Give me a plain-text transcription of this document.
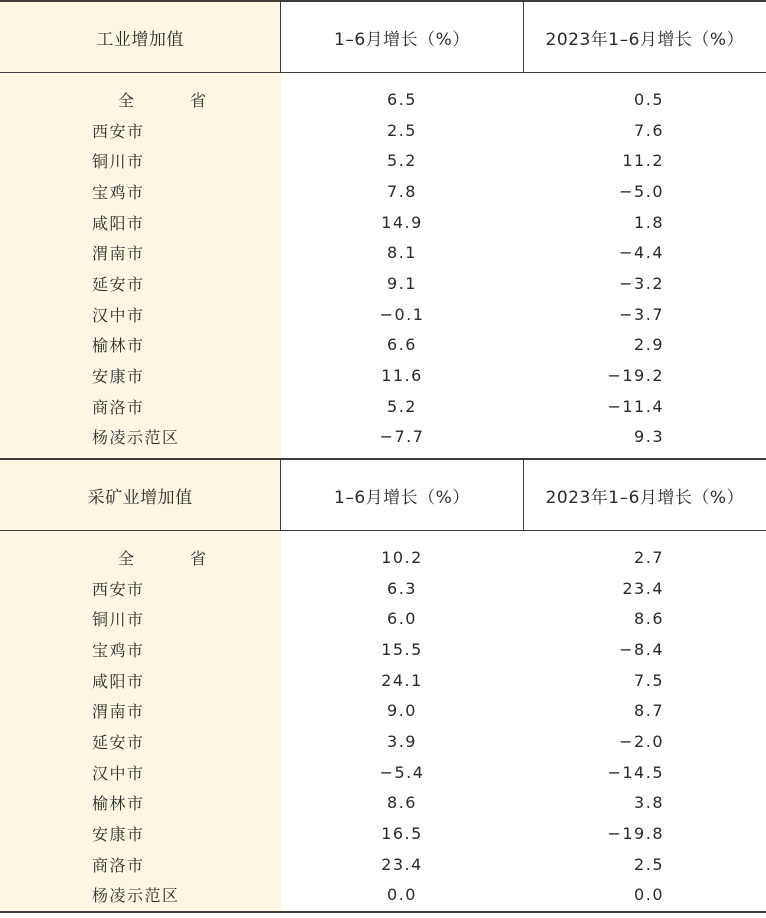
工业增加值	1–6月增长（%）	2023年1–6月增长（%）
全　省	6.5	0.5
西安市	2.5	7.6
铜川市	5.2	11.2
宝鸡市	7.8	−5.0
咸阳市	14.9	1.8
渭南市	8.1	−4.4
延安市	9.1	−3.2
汉中市	−0.1	−3.7
榆林市	6.6	2.9
安康市	11.6	−19.2
商洛市	5.2	−11.4
杨凌示范区	−7.7	9.3
采矿业增加值	1–6月增长（%）	2023年1–6月增长（%）
全　省	10.2	2.7
西安市	6.3	23.4
铜川市	6.0	8.6
宝鸡市	15.5	−8.4
咸阳市	24.1	7.5
渭南市	9.0	8.7
延安市	3.9	−2.0
汉中市	−5.4	−14.5
榆林市	8.6	3.8
安康市	16.5	−19.8
商洛市	23.4	2.5
杨凌示范区	0.0	0.0
